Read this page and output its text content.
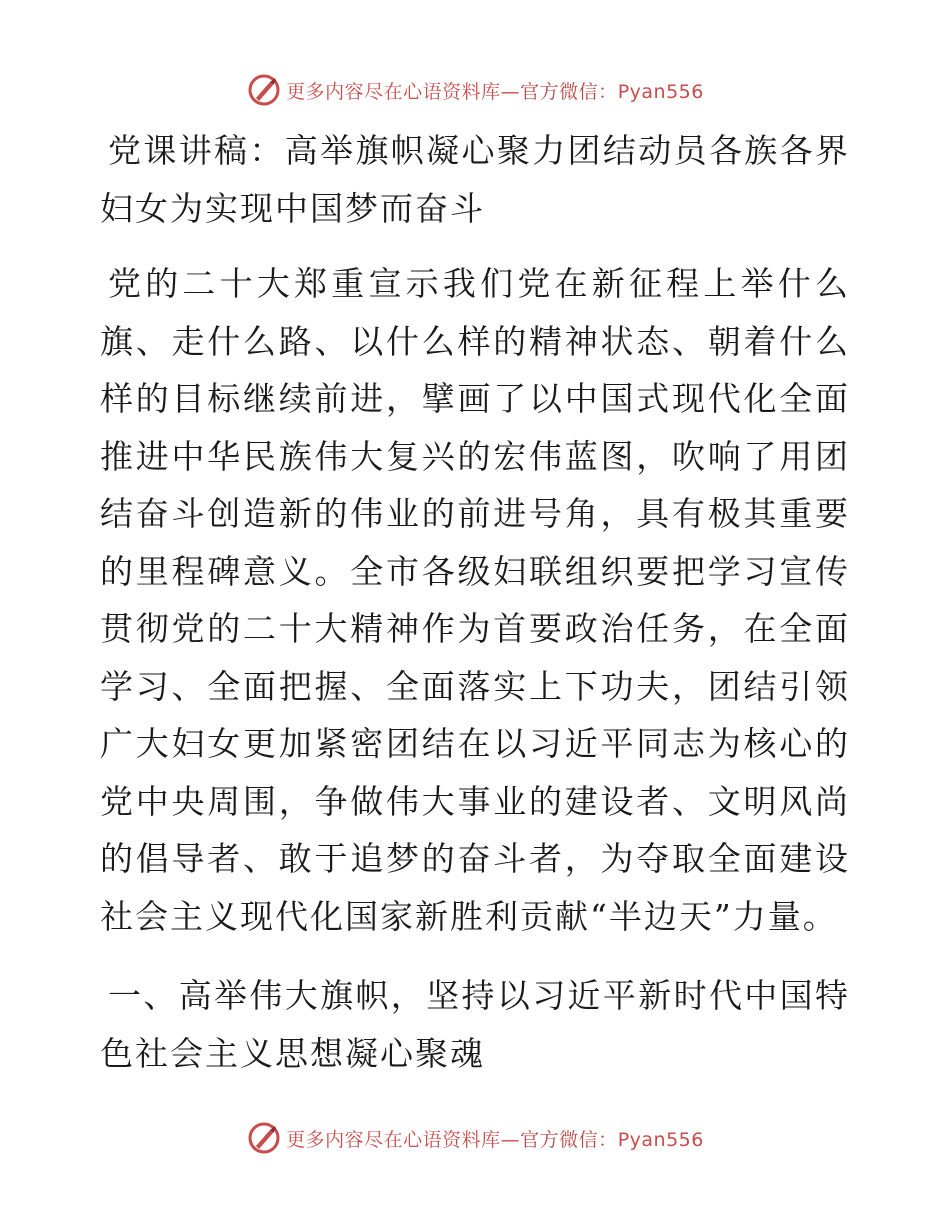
更多内容尽在心语资料库—官方微信：Pyan556

党课讲稿：高举旗帜凝心聚力团结动员各族各界妇女为实现中国梦而奋斗

党的二十大郑重宣示我们党在新征程上举什么旗、走什么路、以什么样的精神状态、朝着什么样的目标继续前进，擘画了以中国式现代化全面推进中华民族伟大复兴的宏伟蓝图，吹响了用团结奋斗创造新的伟业的前进号角，具有极其重要的里程碑意义。全市各级妇联组织要把学习宣传贯彻党的二十大精神作为首要政治任务，在全面学习、全面把握、全面落实上下功夫，团结引领广大妇女更加紧密团结在以习近平同志为核心的党中央周围，争做伟大事业的建设者、文明风尚的倡导者、敢于追梦的奋斗者，为夺取全面建设社会主义现代化国家新胜利贡献“半边天”力量。

一、高举伟大旗帜，坚持以习近平新时代中国特色社会主义思想凝心聚魂

更多内容尽在心语资料库—官方微信：Pyan556
